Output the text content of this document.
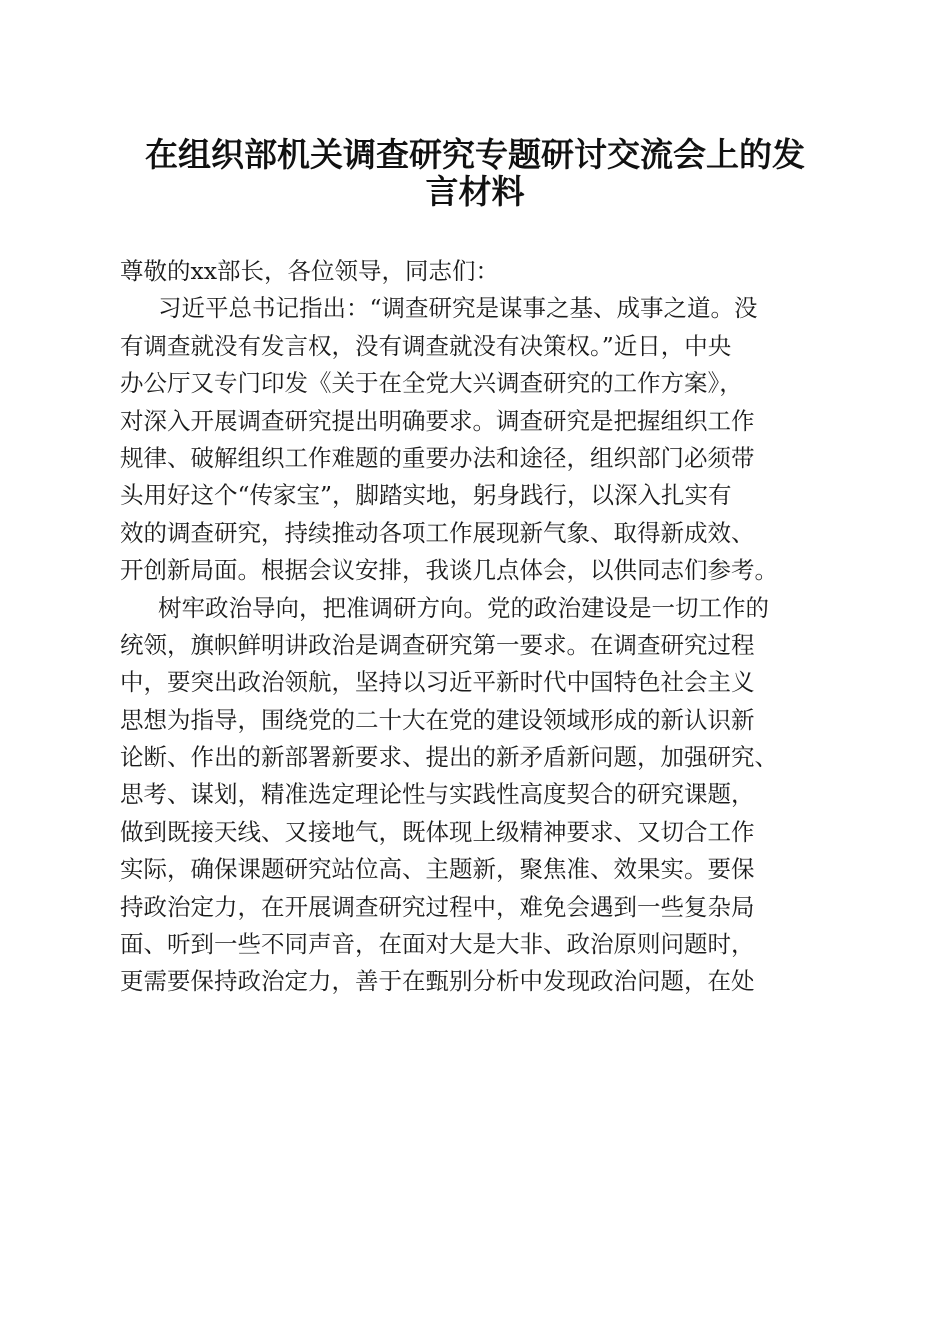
在组织部机关调查研究专题研讨交流会上的发
言材料
尊敬的xx部长，各位领导，同志们：
习近平总书记指出：“调查研究是谋事之基、成事之道。没
有调查就没有发言权，没有调查就没有决策权。”近日，中央
办公厅又专门印发《关于在全党大兴调查研究的工作方案》，
对深入开展调查研究提出明确要求。调查研究是把握组织工作
规律、破解组织工作难题的重要办法和途径，组织部门必须带
头用好这个“传家宝”，脚踏实地，躬身践行，以深入扎实有
效的调查研究，持续推动各项工作展现新气象、取得新成效、
开创新局面。根据会议安排，我谈几点体会，以供同志们参考。
树牢政治导向，把准调研方向。党的政治建设是一切工作的
统领，旗帜鲜明讲政治是调查研究第一要求。在调查研究过程
中，要突出政治领航，坚持以习近平新时代中国特色社会主义
思想为指导，围绕党的二十大在党的建设领域形成的新认识新
论断、作出的新部署新要求、提出的新矛盾新问题，加强研究、
思考、谋划，精准选定理论性与实践性高度契合的研究课题，
做到既接天线、又接地气，既体现上级精神要求、又切合工作
实际，确保课题研究站位高、主题新，聚焦准、效果实。要保
持政治定力，在开展调查研究过程中，难免会遇到一些复杂局
面、听到一些不同声音，在面对大是大非、政治原则问题时，
更需要保持政治定力，善于在甄别分析中发现政治问题，在处
